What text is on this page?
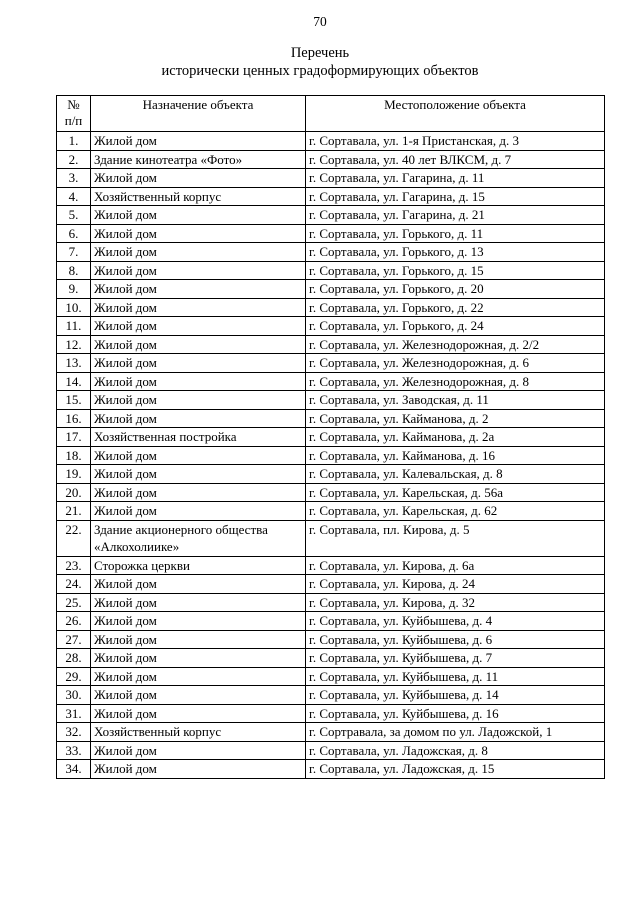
70
Перечень
исторически ценных градоформирующих объектов
№
п/п	Назначение объекта	Местоположение объекта
1.	Жилой дом	г. Сортавала, ул. 1-я Пристанская, д. 3
2.	Здание кинотеатра «Фото»	г. Сортавала, ул. 40 лет ВЛКСМ, д. 7
3.	Жилой дом	г. Сортавала, ул. Гагарина, д. 11
4.	Хозяйственный корпус	г. Сортавала, ул. Гагарина, д. 15
5.	Жилой дом	г. Сортавала, ул. Гагарина, д. 21
6.	Жилой дом	г. Сортавала, ул. Горького, д. 11
7.	Жилой дом	г. Сортавала, ул. Горького, д. 13
8.	Жилой дом	г. Сортавала, ул. Горького, д. 15
9.	Жилой дом	г. Сортавала, ул. Горького, д. 20
10.	Жилой дом	г. Сортавала, ул. Горького, д. 22
11.	Жилой дом	г. Сортавала, ул. Горького, д. 24
12.	Жилой дом	г. Сортавала, ул. Железнодорожная, д. 2/2
13.	Жилой дом	г. Сортавала, ул. Железнодорожная, д. 6
14.	Жилой дом	г. Сортавала, ул. Железнодорожная, д. 8
15.	Жилой дом	г. Сортавала, ул. Заводская, д. 11
16.	Жилой дом	г. Сортавала, ул. Кайманова, д. 2
17.	Хозяйственная постройка	г. Сортавала, ул. Кайманова, д. 2а
18.	Жилой дом	г. Сортавала, ул. Кайманова, д. 16
19.	Жилой дом	г. Сортавала, ул. Калевальская, д. 8
20.	Жилой дом	г. Сортавала, ул. Карельская, д. 56а
21.	Жилой дом	г. Сортавала, ул. Карельская, д. 62
22.	Здание акционерного общества «Алкохолиике»	г. Сортавала, пл. Кирова, д. 5
23.	Сторожка церкви	г. Сортавала, ул. Кирова, д. 6а
24.	Жилой дом	г. Сортавала, ул. Кирова, д. 24
25.	Жилой дом	г. Сортавала, ул. Кирова, д. 32
26.	Жилой дом	г. Сортавала, ул. Куйбышева, д. 4
27.	Жилой дом	г. Сортавала, ул. Куйбышева, д. 6
28.	Жилой дом	г. Сортавала, ул. Куйбышева, д. 7
29.	Жилой дом	г. Сортавала, ул. Куйбышева, д. 11
30.	Жилой дом	г. Сортавала, ул. Куйбышева, д. 14
31.	Жилой дом	г. Сортавала, ул. Куйбышева, д. 16
32.	Хозяйственный корпус	г. Сортравала, за домом по ул. Ладожской, 1
33.	Жилой дом	г. Сортавала, ул. Ладожская, д. 8
34.	Жилой дом	г. Сортавала, ул. Ладожская, д. 15
